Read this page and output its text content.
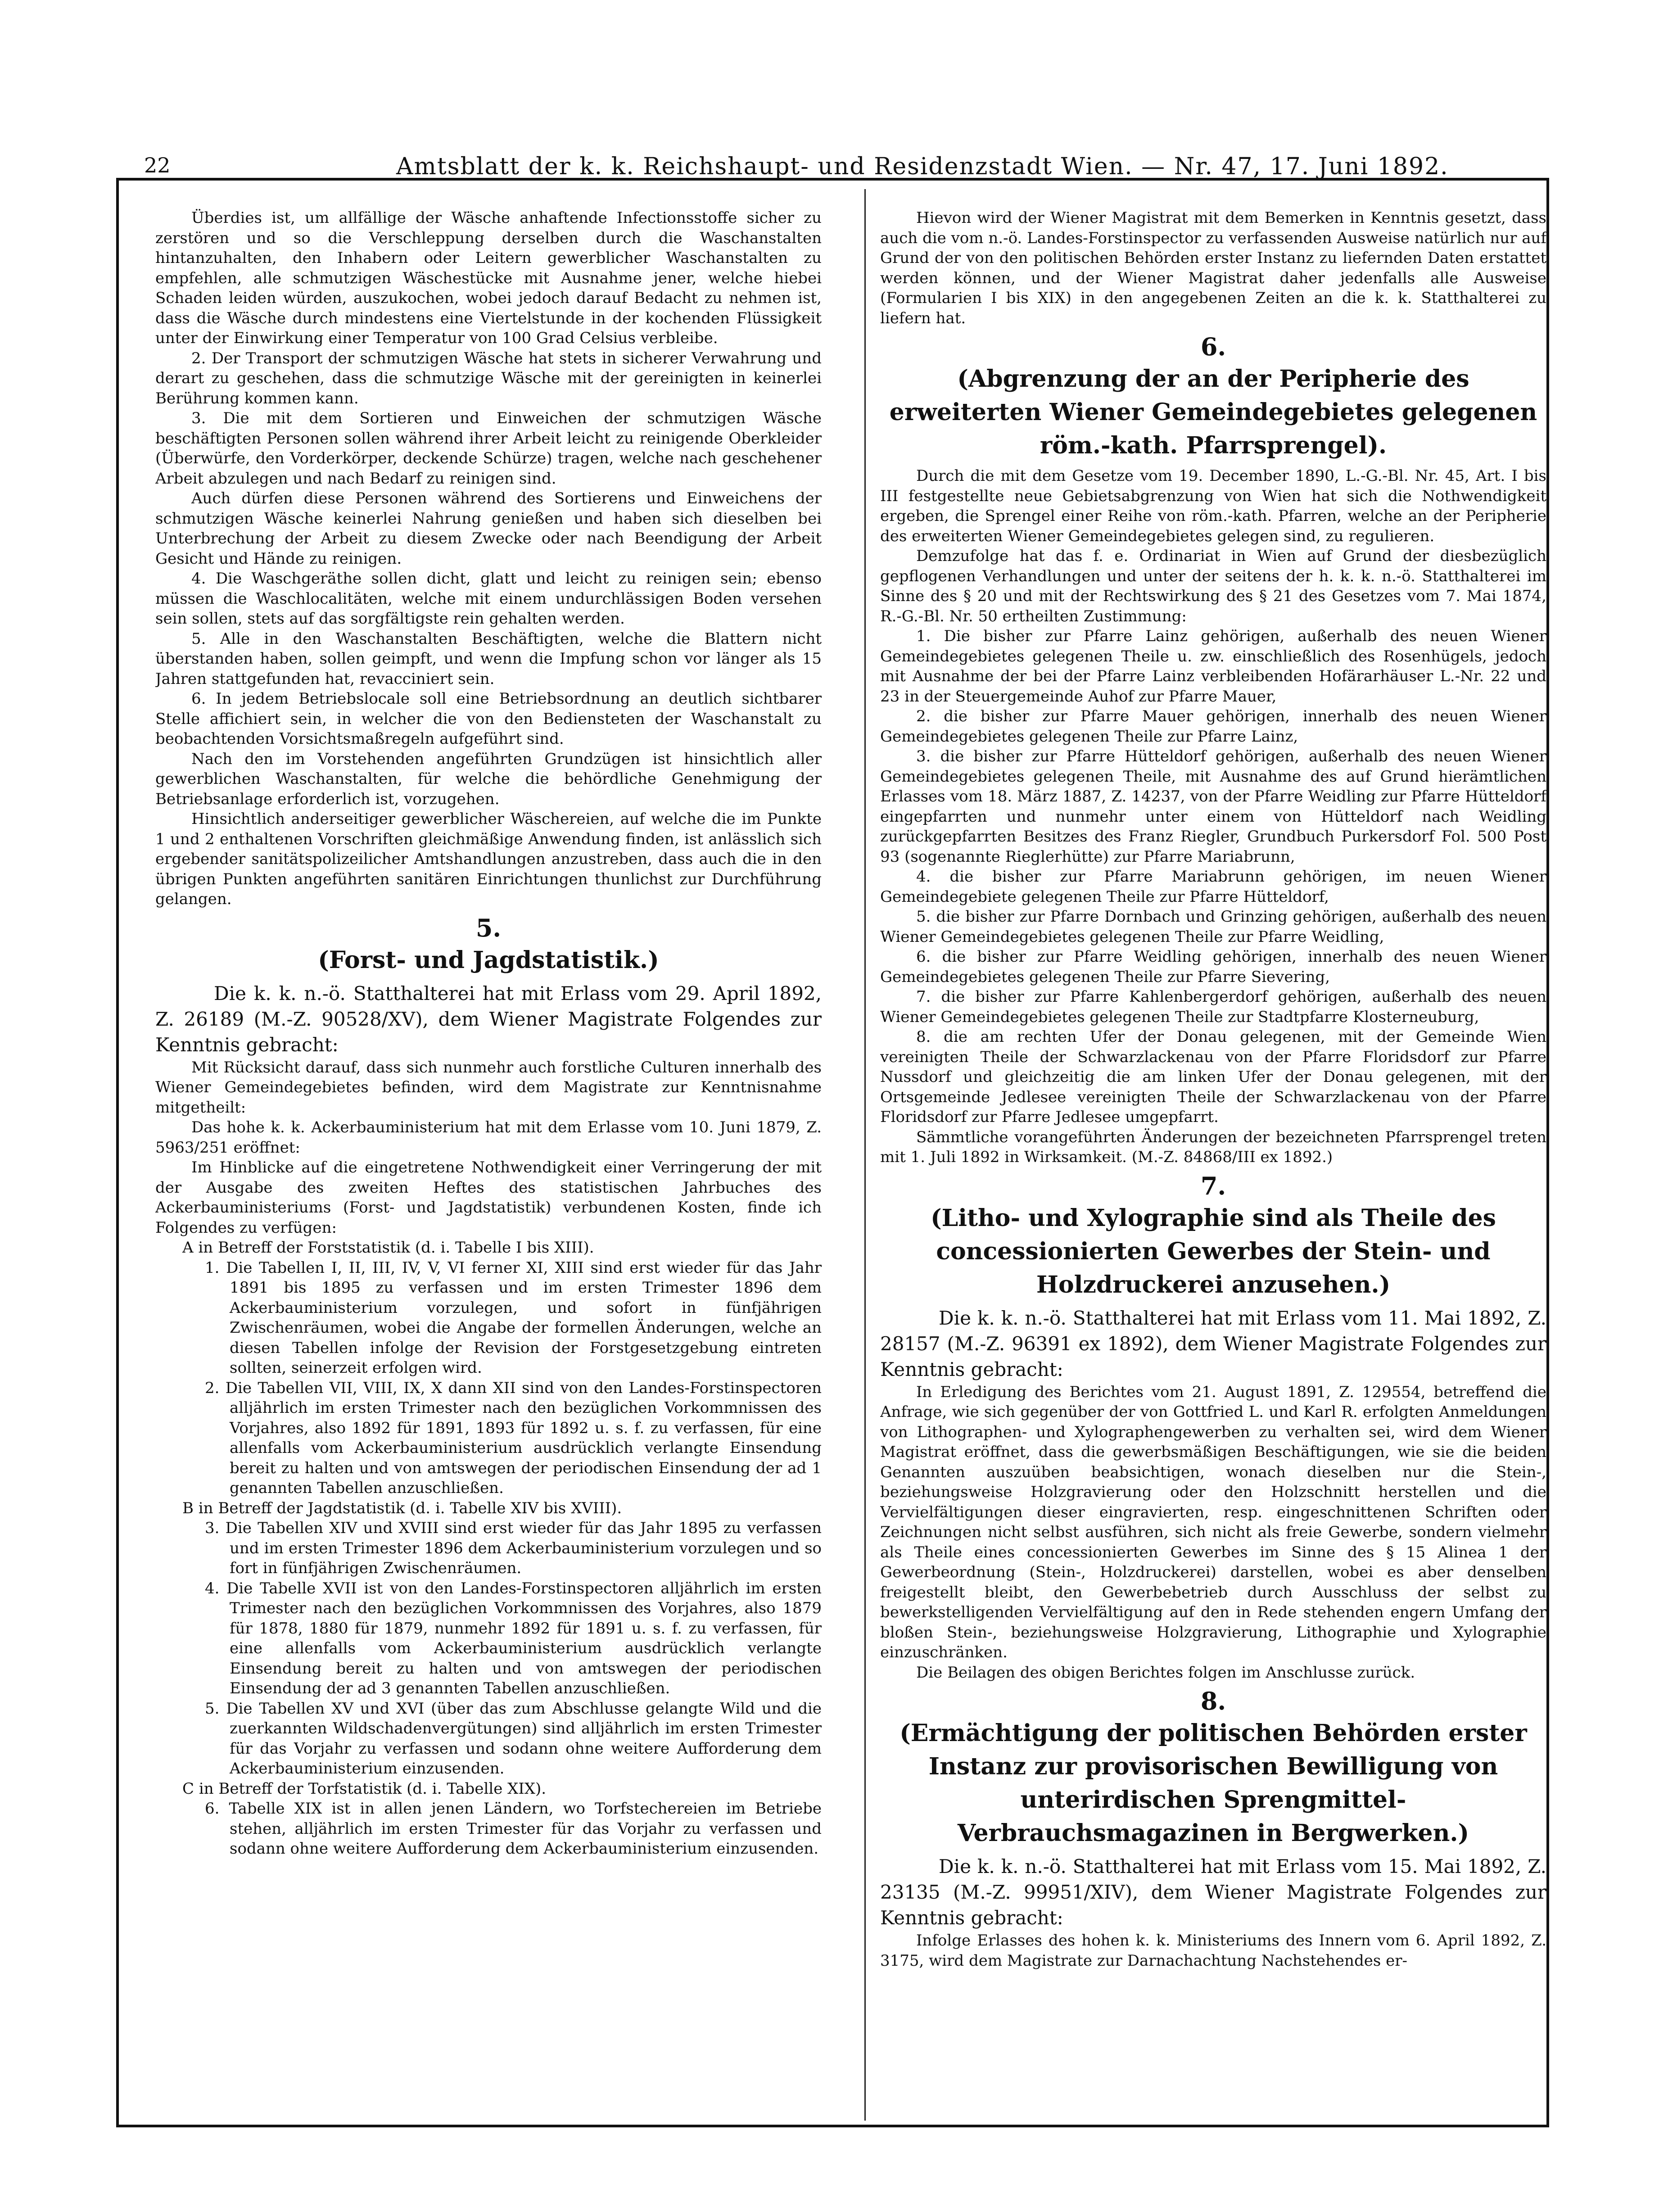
22	Amtsblatt der k. k. Reichshaupt- und Residenzstadt Wien. — Nr. 47, 17. Juni 1892.

Überdies ist, um allfällige der Wäsche anhaftende Infectionsstoffe sicher zu zerstören und so die Verschleppung derselben durch die Waschanstalten hintanzuhalten, den Inhabern oder Leitern gewerblicher Waschanstalten zu empfehlen, alle schmutzigen Wäschestücke mit Ausnahme jener, welche hiebei Schaden leiden würden, auszukochen, wobei jedoch darauf Bedacht zu nehmen ist, dass die Wäsche durch mindestens eine Viertelstunde in der kochenden Flüssigkeit unter der Einwirkung einer Temperatur von 100 Grad Celsius verbleibe.

2. Der Transport der schmutzigen Wäsche hat stets in sicherer Verwahrung und derart zu geschehen, dass die schmutzige Wäsche mit der gereinigten in keinerlei Berührung kommen kann.

3. Die mit dem Sortieren und Einweichen der schmutzigen Wäsche beschäftigten Personen sollen während ihrer Arbeit leicht zu reinigende Oberkleider (Überwürfe, den Vorderkörper, deckende Schürze) tragen, welche nach geschehener Arbeit abzulegen und nach Bedarf zu reinigen sind.

Auch dürfen diese Personen während des Sortierens und Einweichens der schmutzigen Wäsche keinerlei Nahrung genießen und haben sich dieselben bei Unterbrechung der Arbeit zu diesem Zwecke oder nach Beendigung der Arbeit Gesicht und Hände zu reinigen.

4. Die Waschgeräthe sollen dicht, glatt und leicht zu reinigen sein; ebenso müssen die Waschlocalitäten, welche mit einem undurchlässigen Boden versehen sein sollen, stets auf das sorgfältigste rein gehalten werden.

5. Alle in den Waschanstalten Beschäftigten, welche die Blattern nicht überstanden haben, sollen geimpft, und wenn die Impfung schon vor länger als 15 Jahren stattgefunden hat, revacciniert sein.

6. In jedem Betriebslocale soll eine Betriebsordnung an deutlich sichtbarer Stelle affichiert sein, in welcher die von den Bediensteten der Waschanstalt zu beobachtenden Vorsichtsmaßregeln aufgeführt sind.

Nach den im Vorstehenden angeführten Grundzügen ist hinsichtlich aller gewerblichen Waschanstalten, für welche die behördliche Genehmigung der Betriebsanlage erforderlich ist, vorzugehen.

Hinsichtlich anderseitiger gewerblicher Wäschereien, auf welche die im Punkte 1 und 2 enthaltenen Vorschriften gleichmäßige Anwendung finden, ist anlässlich sich ergebender sanitätspolizeilicher Amtshandlungen anzustreben, dass auch die in den übrigen Punkten angeführten sanitären Einrichtungen thunlichst zur Durchführung gelangen.

5.
(Forst- und Jagdstatistik.)

Die k. k. n.-ö. Statthalterei hat mit Erlass vom 29. April 1892, Z. 26189 (M.-Z. 90528/XV), dem Wiener Magistrate Folgendes zur Kenntnis gebracht:

Mit Rücksicht darauf, dass sich nunmehr auch forstliche Culturen innerhalb des Wiener Gemeindegebietes befinden, wird dem Magistrate zur Kenntnisnahme mitgetheilt:

Das hohe k. k. Ackerbauministerium hat mit dem Erlasse vom 10. Juni 1879, Z. 5963/251 eröffnet:

Im Hinblicke auf die eingetretene Nothwendigkeit einer Verringerung der mit der Ausgabe des zweiten Heftes des statistischen Jahrbuches des Ackerbauministeriums (Forst- und Jagdstatistik) verbundenen Kosten, finde ich Folgendes zu verfügen:

A in Betreff der Forststatistik (d. i. Tabelle I bis XIII).

1. Die Tabellen I, II, III, IV, V, VI ferner XI, XIII sind erst wieder für das Jahr 1891 bis 1895 zu verfassen und im ersten Trimester 1896 dem Ackerbauministerium vorzulegen, und sofort in fünfjährigen Zwischenräumen, wobei die Angabe der formellen Änderungen, welche an diesen Tabellen infolge der Revision der Forstgesetzgebung eintreten sollten, seinerzeit erfolgen wird.

2. Die Tabellen VII, VIII, IX, X dann XII sind von den Landes-Forstinspectoren alljährlich im ersten Trimester nach den bezüglichen Vorkommnissen des Vorjahres, also 1892 für 1891, 1893 für 1892 u. s. f. zu verfassen, für eine allenfalls vom Ackerbauministerium ausdrücklich verlangte Einsendung bereit zu halten und von amtswegen der periodischen Einsendung der ad 1 genannten Tabellen anzuschließen.

B in Betreff der Jagdstatistik (d. i. Tabelle XIV bis XVIII).

3. Die Tabellen XIV und XVIII sind erst wieder für das Jahr 1895 zu verfassen und im ersten Trimester 1896 dem Ackerbauministerium vorzulegen und so fort in fünfjährigen Zwischenräumen.

4. Die Tabelle XVII ist von den Landes-Forstinspectoren alljährlich im ersten Trimester nach den bezüglichen Vorkommnissen des Vorjahres, also 1879 für 1878, 1880 für 1879, nunmehr 1892 für 1891 u. s. f. zu verfassen, für eine allenfalls vom Ackerbauministerium ausdrücklich verlangte Einsendung bereit zu halten und von amtswegen der periodischen Einsendung der ad 3 genannten Tabellen anzuschließen.

5. Die Tabellen XV und XVI (über das zum Abschlusse gelangte Wild und die zuerkannten Wildschadenvergütungen) sind alljährlich im ersten Trimester für das Vorjahr zu verfassen und sodann ohne weitere Aufforderung dem Ackerbauministerium einzusenden.

C in Betreff der Torfstatistik (d. i. Tabelle XIX).

6. Tabelle XIX ist in allen jenen Ländern, wo Torfstechereien im Betriebe stehen, alljährlich im ersten Trimester für das Vorjahr zu verfassen und sodann ohne weitere Aufforderung dem Ackerbauministerium einzusenden.

Hievon wird der Wiener Magistrat mit dem Bemerken in Kenntnis gesetzt, dass auch die vom n.-ö. Landes-Forstinspector zu verfassenden Ausweise natürlich nur auf Grund der von den politischen Behörden erster Instanz zu liefernden Daten erstattet werden können, und der Wiener Magistrat daher jedenfalls alle Ausweise (Formularien I bis XIX) in den angegebenen Zeiten an die k. k. Statthalterei zu liefern hat.

6.
(Abgrenzung der an der Peripherie des erweiterten Wiener Gemeindegebietes gelegenen röm.-kath. Pfarrsprengel).

Durch die mit dem Gesetze vom 19. December 1890, L.-G.-Bl. Nr. 45, Art. I bis III festgestellte neue Gebietsabgrenzung von Wien hat sich die Nothwendigkeit ergeben, die Sprengel einer Reihe von röm.-kath. Pfarren, welche an der Peripherie des erweiterten Wiener Gemeindegebietes gelegen sind, zu regulieren.

Demzufolge hat das f. e. Ordinariat in Wien auf Grund der diesbezüglich gepflogenen Verhandlungen und unter der seitens der h. k. k. n.-ö. Statthalterei im Sinne des § 20 und mit der Rechtswirkung des § 21 des Gesetzes vom 7. Mai 1874, R.-G.-Bl. Nr. 50 ertheilten Zustimmung:

1. Die bisher zur Pfarre Lainz gehörigen, außerhalb des neuen Wiener Gemeindegebietes gelegenen Theile u. zw. einschließlich des Rosenhügels, jedoch mit Ausnahme der bei der Pfarre Lainz verbleibenden Hofärarhäuser L.-Nr. 22 und 23 in der Steuergemeinde Auhof zur Pfarre Mauer,

2. die bisher zur Pfarre Mauer gehörigen, innerhalb des neuen Wiener Gemeindegebietes gelegenen Theile zur Pfarre Lainz,

3. die bisher zur Pfarre Hütteldorf gehörigen, außerhalb des neuen Wiener Gemeindegebietes gelegenen Theile, mit Ausnahme des auf Grund hierämtlichen Erlasses vom 18. März 1887, Z. 14237, von der Pfarre Weidling zur Pfarre Hütteldorf eingepfarrten und nunmehr unter einem von Hütteldorf nach Weidling zurückgepfarrten Besitzes des Franz Riegler, Grundbuch Purkersdorf Fol. 500 Post 93 (sogenannte Rieglerhütte) zur Pfarre Mariabrunn,

4. die bisher zur Pfarre Mariabrunn gehörigen, im neuen Wiener Gemeindegebiete gelegenen Theile zur Pfarre Hütteldorf,

5. die bisher zur Pfarre Dornbach und Grinzing gehörigen, außerhalb des neuen Wiener Gemeindegebietes gelegenen Theile zur Pfarre Weidling,

6. die bisher zur Pfarre Weidling gehörigen, innerhalb des neuen Wiener Gemeindegebietes gelegenen Theile zur Pfarre Sievering,

7. die bisher zur Pfarre Kahlenbergerdorf gehörigen, außerhalb des neuen Wiener Gemeindegebietes gelegenen Theile zur Stadtpfarre Klosterneuburg,

8. die am rechten Ufer der Donau gelegenen, mit der Gemeinde Wien vereinigten Theile der Schwarzlackenau von der Pfarre Floridsdorf zur Pfarre Nussdorf und gleichzeitig die am linken Ufer der Donau gelegenen, mit der Ortsgemeinde Jedlesee vereinigten Theile der Schwarzlackenau von der Pfarre Floridsdorf zur Pfarre Jedlesee umgepfarrt.

Sämmtliche vorangeführten Änderungen der bezeichneten Pfarrsprengel treten mit 1. Juli 1892 in Wirksamkeit. (M.-Z. 84868/III ex 1892.)

7.
(Litho- und Xylographie sind als Theile des concessionierten Gewerbes der Stein- und Holzdruckerei anzusehen.)

Die k. k. n.-ö. Statthalterei hat mit Erlass vom 11. Mai 1892, Z. 28157 (M.-Z. 96391 ex 1892), dem Wiener Magistrate Folgendes zur Kenntnis gebracht:

In Erledigung des Berichtes vom 21. August 1891, Z. 129554, betreffend die Anfrage, wie sich gegenüber der von Gottfried L. und Karl R. erfolgten Anmeldungen von Lithographen- und Xylographengewerben zu verhalten sei, wird dem Wiener Magistrat eröffnet, dass die gewerbsmäßigen Beschäftigungen, wie sie die beiden Genannten auszuüben beabsichtigen, wonach dieselben nur die Stein-, beziehungsweise Holzgravierung oder den Holzschnitt herstellen und die Vervielfältigungen dieser eingravierten, resp. eingeschnittenen Schriften oder Zeichnungen nicht selbst ausführen, sich nicht als freie Gewerbe, sondern vielmehr als Theile eines concessionierten Gewerbes im Sinne des § 15 Alinea 1 der Gewerbeordnung (Stein-, Holzdruckerei) darstellen, wobei es aber denselben freigestellt bleibt, den Gewerbebetrieb durch Ausschluss der selbst zu bewerkstelligenden Vervielfältigung auf den in Rede stehenden engern Umfang der bloßen Stein-, beziehungsweise Holzgravierung, Lithographie und Xylographie einzuschränken.

Die Beilagen des obigen Berichtes folgen im Anschlusse zurück.

8.
(Ermächtigung der politischen Behörden erster Instanz zur provisorischen Bewilligung von unterirdischen Sprengmittel-Verbrauchsmagazinen in Bergwerken.)

Die k. k. n.-ö. Statthalterei hat mit Erlass vom 15. Mai 1892, Z. 23135 (M.-Z. 99951/XIV), dem Wiener Magistrate Folgendes zur Kenntnis gebracht:

Infolge Erlasses des hohen k. k. Ministeriums des Innern vom 6. April 1892, Z. 3175, wird dem Magistrate zur Darnachachtung Nachstehendes er-
